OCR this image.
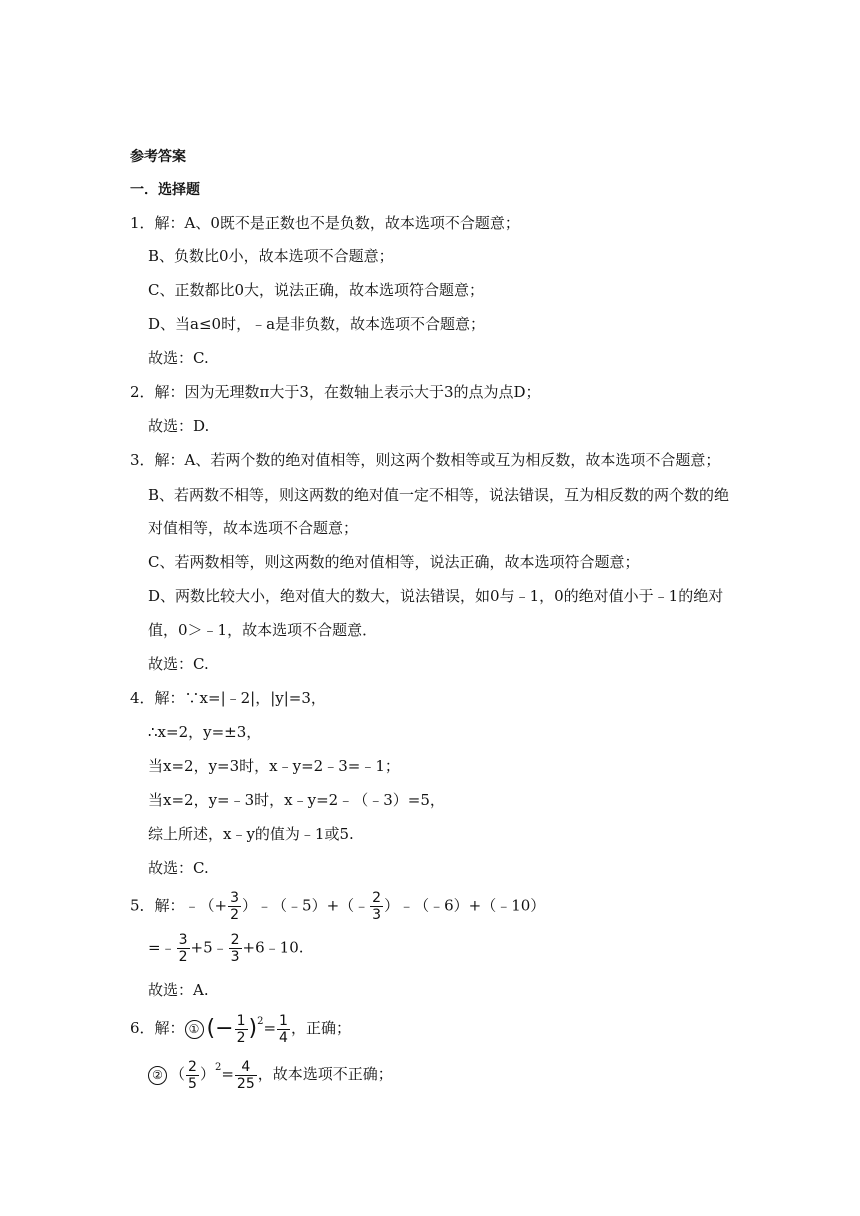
参考答案
一．选择题
1．解：A、0既不是正数也不是负数，故本选项不合题意；
B、负数比0小，故本选项不合题意；
C、正数都比0大，说法正确，故本选项符合题意；
D、当a≤0时，﹣a是非负数，故本选项不合题意；
故选：C.
2．解：因为无理数π大于3，在数轴上表示大于3的点为点D；
故选：D.
3．解：A、若两个数的绝对值相等，则这两个数相等或互为相反数，故本选项不合题意；
B、若两数不相等，则这两数的绝对值一定不相等，说法错误，互为相反数的两个数的绝
对值相等，故本选项不合题意；
C、若两数相等，则这两数的绝对值相等，说法正确，故本选项符合题意；
D、两数比较大小，绝对值大的数大，说法错误，如0与﹣1，0的绝对值小于﹣1的绝对
值，0＞﹣1，故本选项不合题意．
故选：C.
4．解：∵x=|﹣2|，|y|=3，
∴x=2，y=±3，
当x=2，y=3时，x﹣y=2﹣3=﹣1；
当x=2，y=﹣3时，x﹣y=2﹣（﹣3）=5，
综上所述，x﹣y的值为﹣1或5.
故选：C.
5．解：﹣（+ $\frac{3}{2}$ ）﹣（﹣5）+（﹣ $\frac{2}{3}$ ）﹣（﹣6）+（﹣10）
=﹣ $\frac{3}{2}$ +5﹣ $\frac{2}{3}$ +6﹣10.
故选：A.
6．解： ① (− $\frac{1}{2} )^2= \frac{1}{4}$ ，正确；
② （ $\frac{2}{5} )^2= \frac{4}{25}$ ，故本选项不正确；
